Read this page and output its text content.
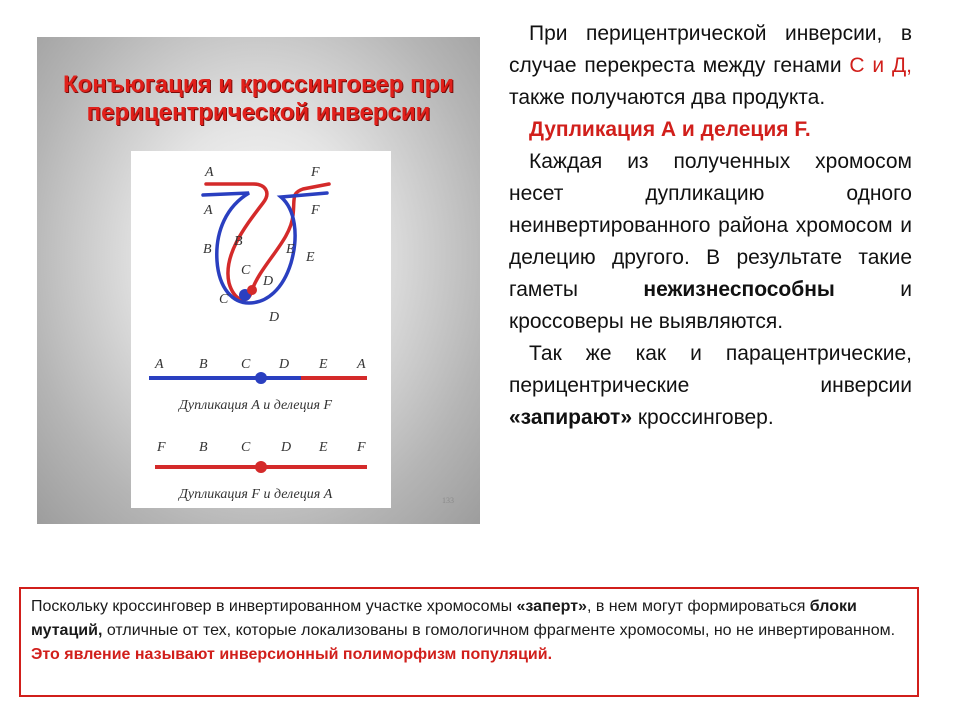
Конъюгация и кроссинговер при
перицентрической инверсии
A	F
A	F
B
B
E
E
C
C
D
D
A	B C D E A
Дупликация A и делеция F
F B C D E F
Дупликация F и делеция A	133

При перицентрической инверсии, в случае перекреста между генами С и Д, также получаются два продукта.

Дупликация А и делеция F.

Каждая из полученных хромосом несет дупликацию одного неинвертированного района хромосом и делецию другого. В результате такие гаметы нежизнеспособны и кроссоверы не выявляются.

Так же как и парацентрические, перицентрические инверсии «запирают» кроссинговер.

Поскольку кроссинговер в инвертированном участке хромосомы «заперт», в нем могут формироваться блоки мутаций, отличные от тех, которые локализованы в гомологичном фрагменте хромосомы, но не инвертированном. Это явление называют инверсионный полиморфизм популяций.
